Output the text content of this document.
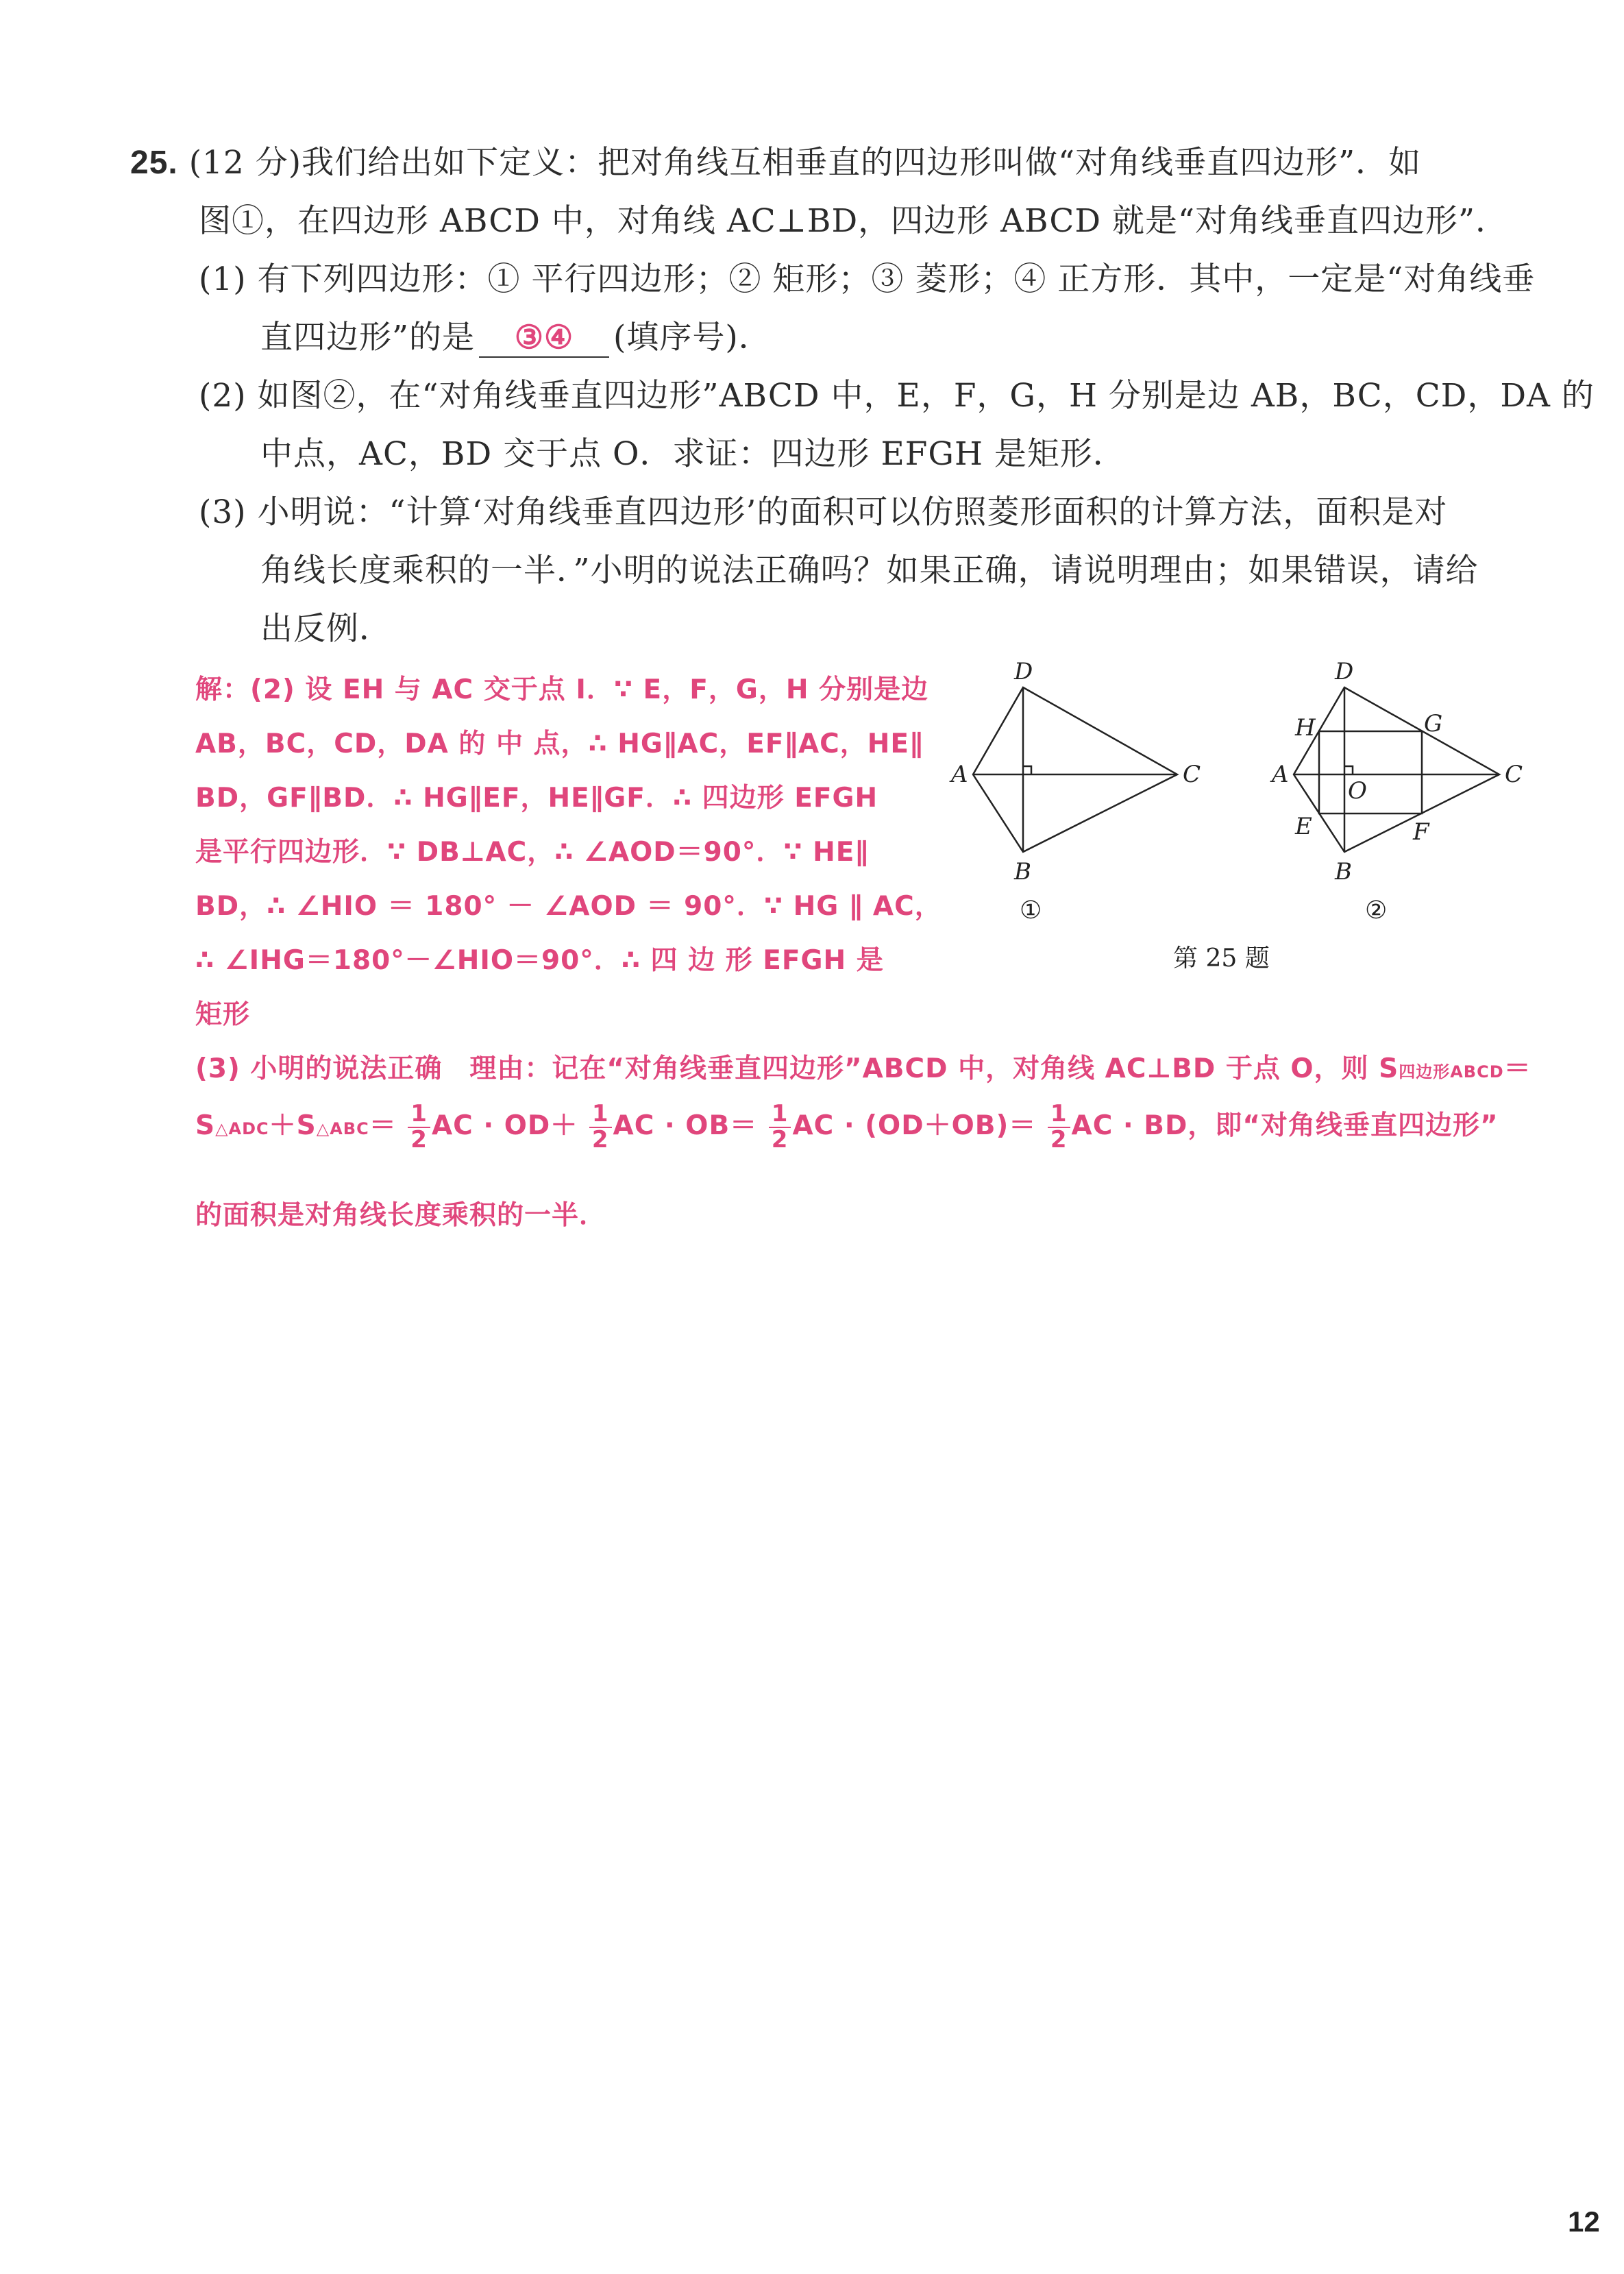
25. (12 分)我们给出如下定义：把对角线互相垂直的四边形叫做“对角线垂直四边形”．如
图①，在四边形 ABCD 中，对角线 AC⊥BD，四边形 ABCD 就是“对角线垂直四边形”．
(1) 有下列四边形：① 平行四边形；② 矩形；③ 菱形；④ 正方形．其中，一定是“对角线垂
直四边形”的是 ③④ (填序号)．
(2) 如图②，在“对角线垂直四边形”ABCD 中，E，F，G，H 分别是边 AB，BC，CD，DA 的
中点，AC，BD 交于点 O．求证：四边形 EFGH 是矩形．
(3) 小明说：“计算‘对角线垂直四边形’的面积可以仿照菱形面积的计算方法，面积是对
角线长度乘积的一半．”小明的说法正确吗？如果正确，请说明理由；如果错误，请给
出反例．
解：(2) 设 EH 与 AC 交于点 I．∵ E，F，G，H 分别是边
AB，BC，CD，DA 的 中 点，∴ HG∥AC，EF∥AC，HE∥
BD，GF∥BD．∴ HG∥EF，HE∥GF．∴ 四边形 EFGH
是平行四边形．∵ DB⊥AC，∴ ∠AOD＝90°．∵ HE∥
BD，∴ ∠HIO ＝ 180° － ∠AOD ＝ 90°．∵ HG ∥ AC，
∴ ∠IHG＝180°－∠HIO＝90°．∴ 四 边 形 EFGH 是
矩形
D
A	C
B
①
D
H	G
A
O
C
E	F
B
②
第 25 题
(3) 小明的说法正确　理由：记在“对角线垂直四边形”ABCD 中，对角线 AC⊥BD 于点 O，则 S四边形ABCD＝
S△ADC＋S△ABC＝ $\frac{1}{2}$ AC · $OD+ \frac{1}{2}$ AC · $OB= \frac{1}{2}$ AC · $(OD+OB)= \frac{1}{2}$ AC · BD，即“对角线垂直四边形”
的面积是对角线长度乘积的一半．
12
